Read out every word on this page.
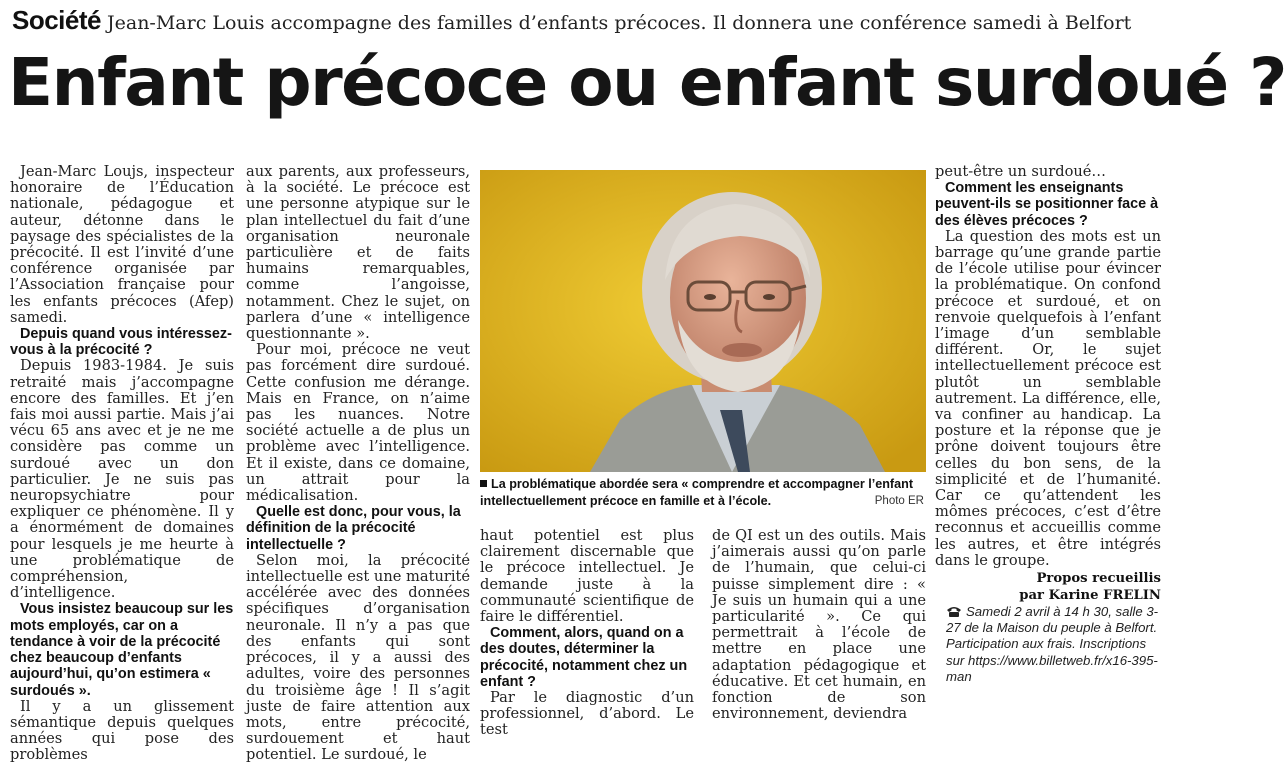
Société Jean-Marc Louis accompagne des familles d’enfants précoces. Il donnera une conférence samedi à Belfort
Enfant précoce ou enfant surdoué ?

Jean-Marc Loujs, inspecteur honoraire de l’Éducation nationale, pédagogue et auteur, détonne dans le paysage des spécialistes de la précocité. Il est l’invité d’une conférence organisée par l’Association française pour les enfants précoces (Afep) samedi.

Depuis quand vous intéressez-vous à la précocité ?

Depuis 1983-1984. Je suis retraité mais j’accompagne encore des familles. Et j’en fais moi aussi partie. Mais j’ai vécu 65 ans avec et je ne me considère pas comme un surdoué avec un don particulier. Je ne suis pas neuropsychiatre pour expliquer ce phénomène. Il y a énormément de domaines pour lesquels je me heurte à une problématique de compréhension, d’intelligence.

Vous insistez beaucoup sur les mots employés, car on a tendance à voir de la précocité chez beaucoup d’enfants aujourd’hui, qu’on estimera « surdoués ».

Il y a un glissement sémantique depuis quelques années qui pose des problèmes

aux parents, aux professeurs, à la société. Le précoce est une personne atypique sur le plan intellectuel du fait d’une organisation neuronale particulière et de faits humains remarquables, comme l’angoisse, notamment. Chez le sujet, on parlera d’une « intelligence questionnante ».

Pour moi, précoce ne veut pas forcément dire surdoué. Cette confusion me dérange. Mais en France, on n’aime pas les nuances. Notre société actuelle a de plus un problème avec l’intelligence. Et il existe, dans ce domaine, un attrait pour la médicalisation.

Quelle est donc, pour vous, la définition de la précocité intellectuelle ?

Selon moi, la précocité intellectuelle est une maturité accélérée avec des données spécifiques d’organisation neuronale. Il n’y a pas que des enfants qui sont précoces, il y a aussi des adultes, voire des personnes du troisième âge ! Il s’agit juste de faire attention aux mots, entre précocité, surdouement et haut potentiel. Le surdoué, le

La problématique abordée sera « comprendre et accompagner l’enfant intellectuellement précoce en famille et à l’école.	Photo ER

haut potentiel est plus clairement discernable que le précoce intellectuel. Je demande juste à la communauté scientifique de faire le différentiel.

Comment, alors, quand on a des doutes, déterminer la précocité, notamment chez un enfant ?

Par le diagnostic d’un professionnel, d’abord. Le test

de QI est un des outils. Mais j’aimerais aussi qu’on parle de l’humain, que celui-ci puisse simplement dire : « Je suis un humain qui a une particularité ». Ce qui permettrait à l’école de mettre en place une adaptation pédagogique et éducative. Et cet humain, en fonction de son environnement, deviendra

peut-être un surdoué…

Comment les enseignants peuvent-ils se positionner face à des élèves précoces ?

La question des mots est un barrage qu’une grande partie de l’école utilise pour évincer la problématique. On confond précoce et surdoué, et on renvoie quelquefois à l’enfant l’image d’un semblable différent. Or, le sujet intellectuellement précoce est plutôt un semblable autrement. La différence, elle, va confiner au handicap. La posture et la réponse que je prône doivent toujours être celles du bon sens, de la simplicité et de l’humanité. Car ce qu’attendent les mômes précoces, c’est d’être reconnus et accueillis comme les autres, et être intégrés dans le groupe.

Propos recueillis
par Karine FRELIN
Samedi 2 avril à 14 h 30, salle 3-27 de la Maison du peuple à Belfort. Participation aux frais. Inscriptions sur https://www.billetweb.fr/x16-395-man
